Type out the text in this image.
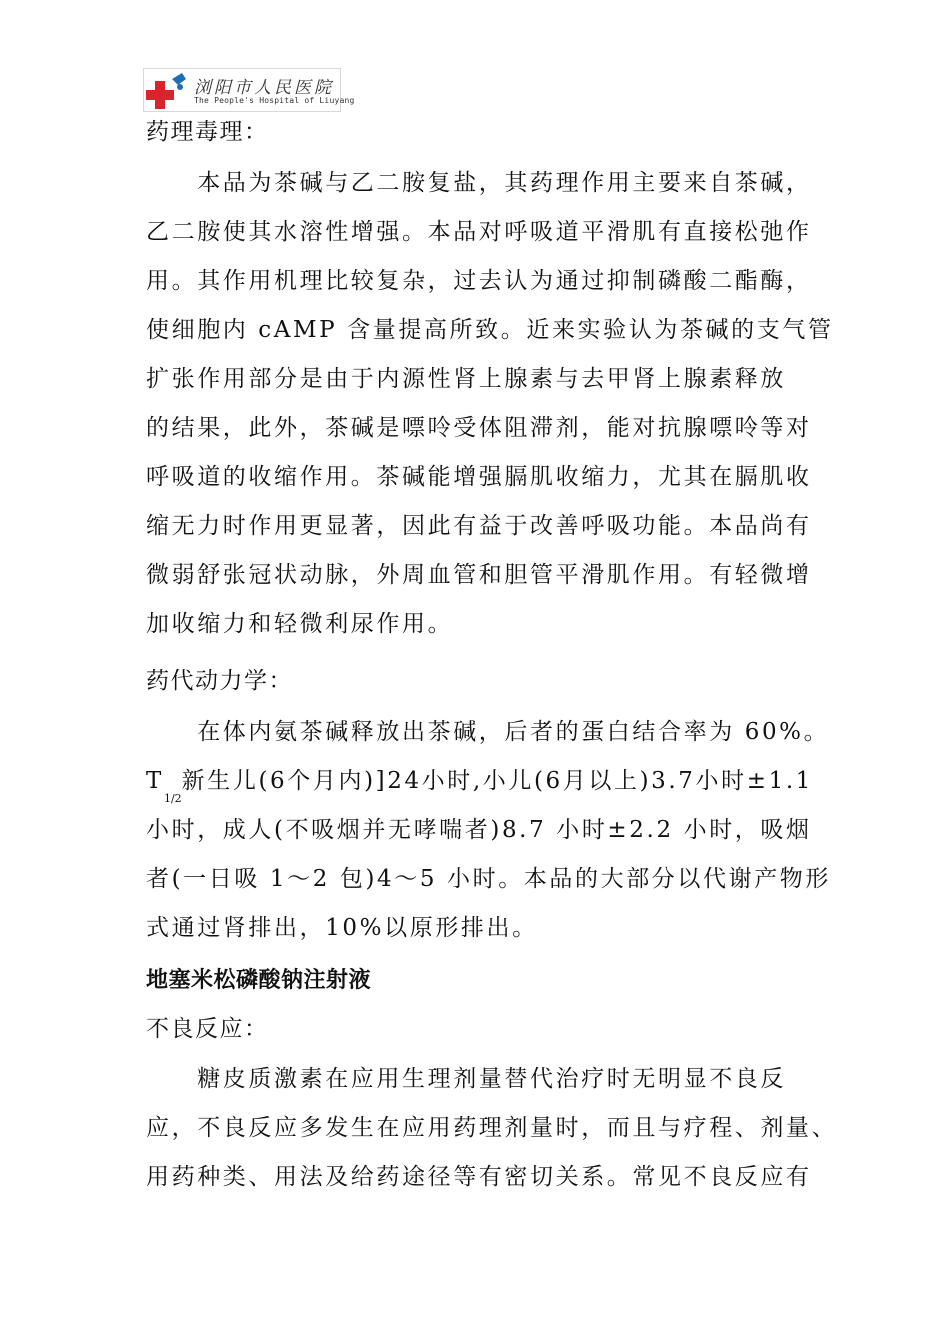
浏阳市人民医院
The People's Hospital of Liuyang
药理毒理：
　　本品为茶碱与乙二胺复盐，其药理作用主要来自茶碱，
乙二胺使其水溶性增强。本品对呼吸道平滑肌有直接松弛作
用。其作用机理比较复杂，过去认为通过抑制磷酸二酯酶，
使细胞内 cAMP 含量提高所致。近来实验认为茶碱的支气管
扩张作用部分是由于内源性肾上腺素与去甲肾上腺素释放
的结果，此外，茶碱是嘌呤受体阻滞剂，能对抗腺嘌呤等对
呼吸道的收缩作用。茶碱能增强膈肌收缩力，尤其在膈肌收
缩无力时作用更显著，因此有益于改善呼吸功能。本品尚有
微弱舒张冠状动脉，外周血管和胆管平滑肌作用。有轻微增
加收缩力和轻微利尿作用。
药代动力学：
　　在体内氨茶碱释放出茶碱，后者的蛋白结合率为 60%。
$T_{1/2}$新生儿(6个月内)]24小时,小儿(6月以上)3.7小时±1.1
小时，成人(不吸烟并无哮喘者)8.7 小时±2.2 小时，吸烟
者(一日吸 1～2 包)4～5 小时。本品的大部分以代谢产物形
式通过肾排出，10%以原形排出。
地塞米松磷酸钠注射液
不良反应：
　　糖皮质激素在应用生理剂量替代治疗时无明显不良反
应，不良反应多发生在应用药理剂量时，而且与疗程、剂量、
用药种类、用法及给药途径等有密切关系。常见不良反应有
